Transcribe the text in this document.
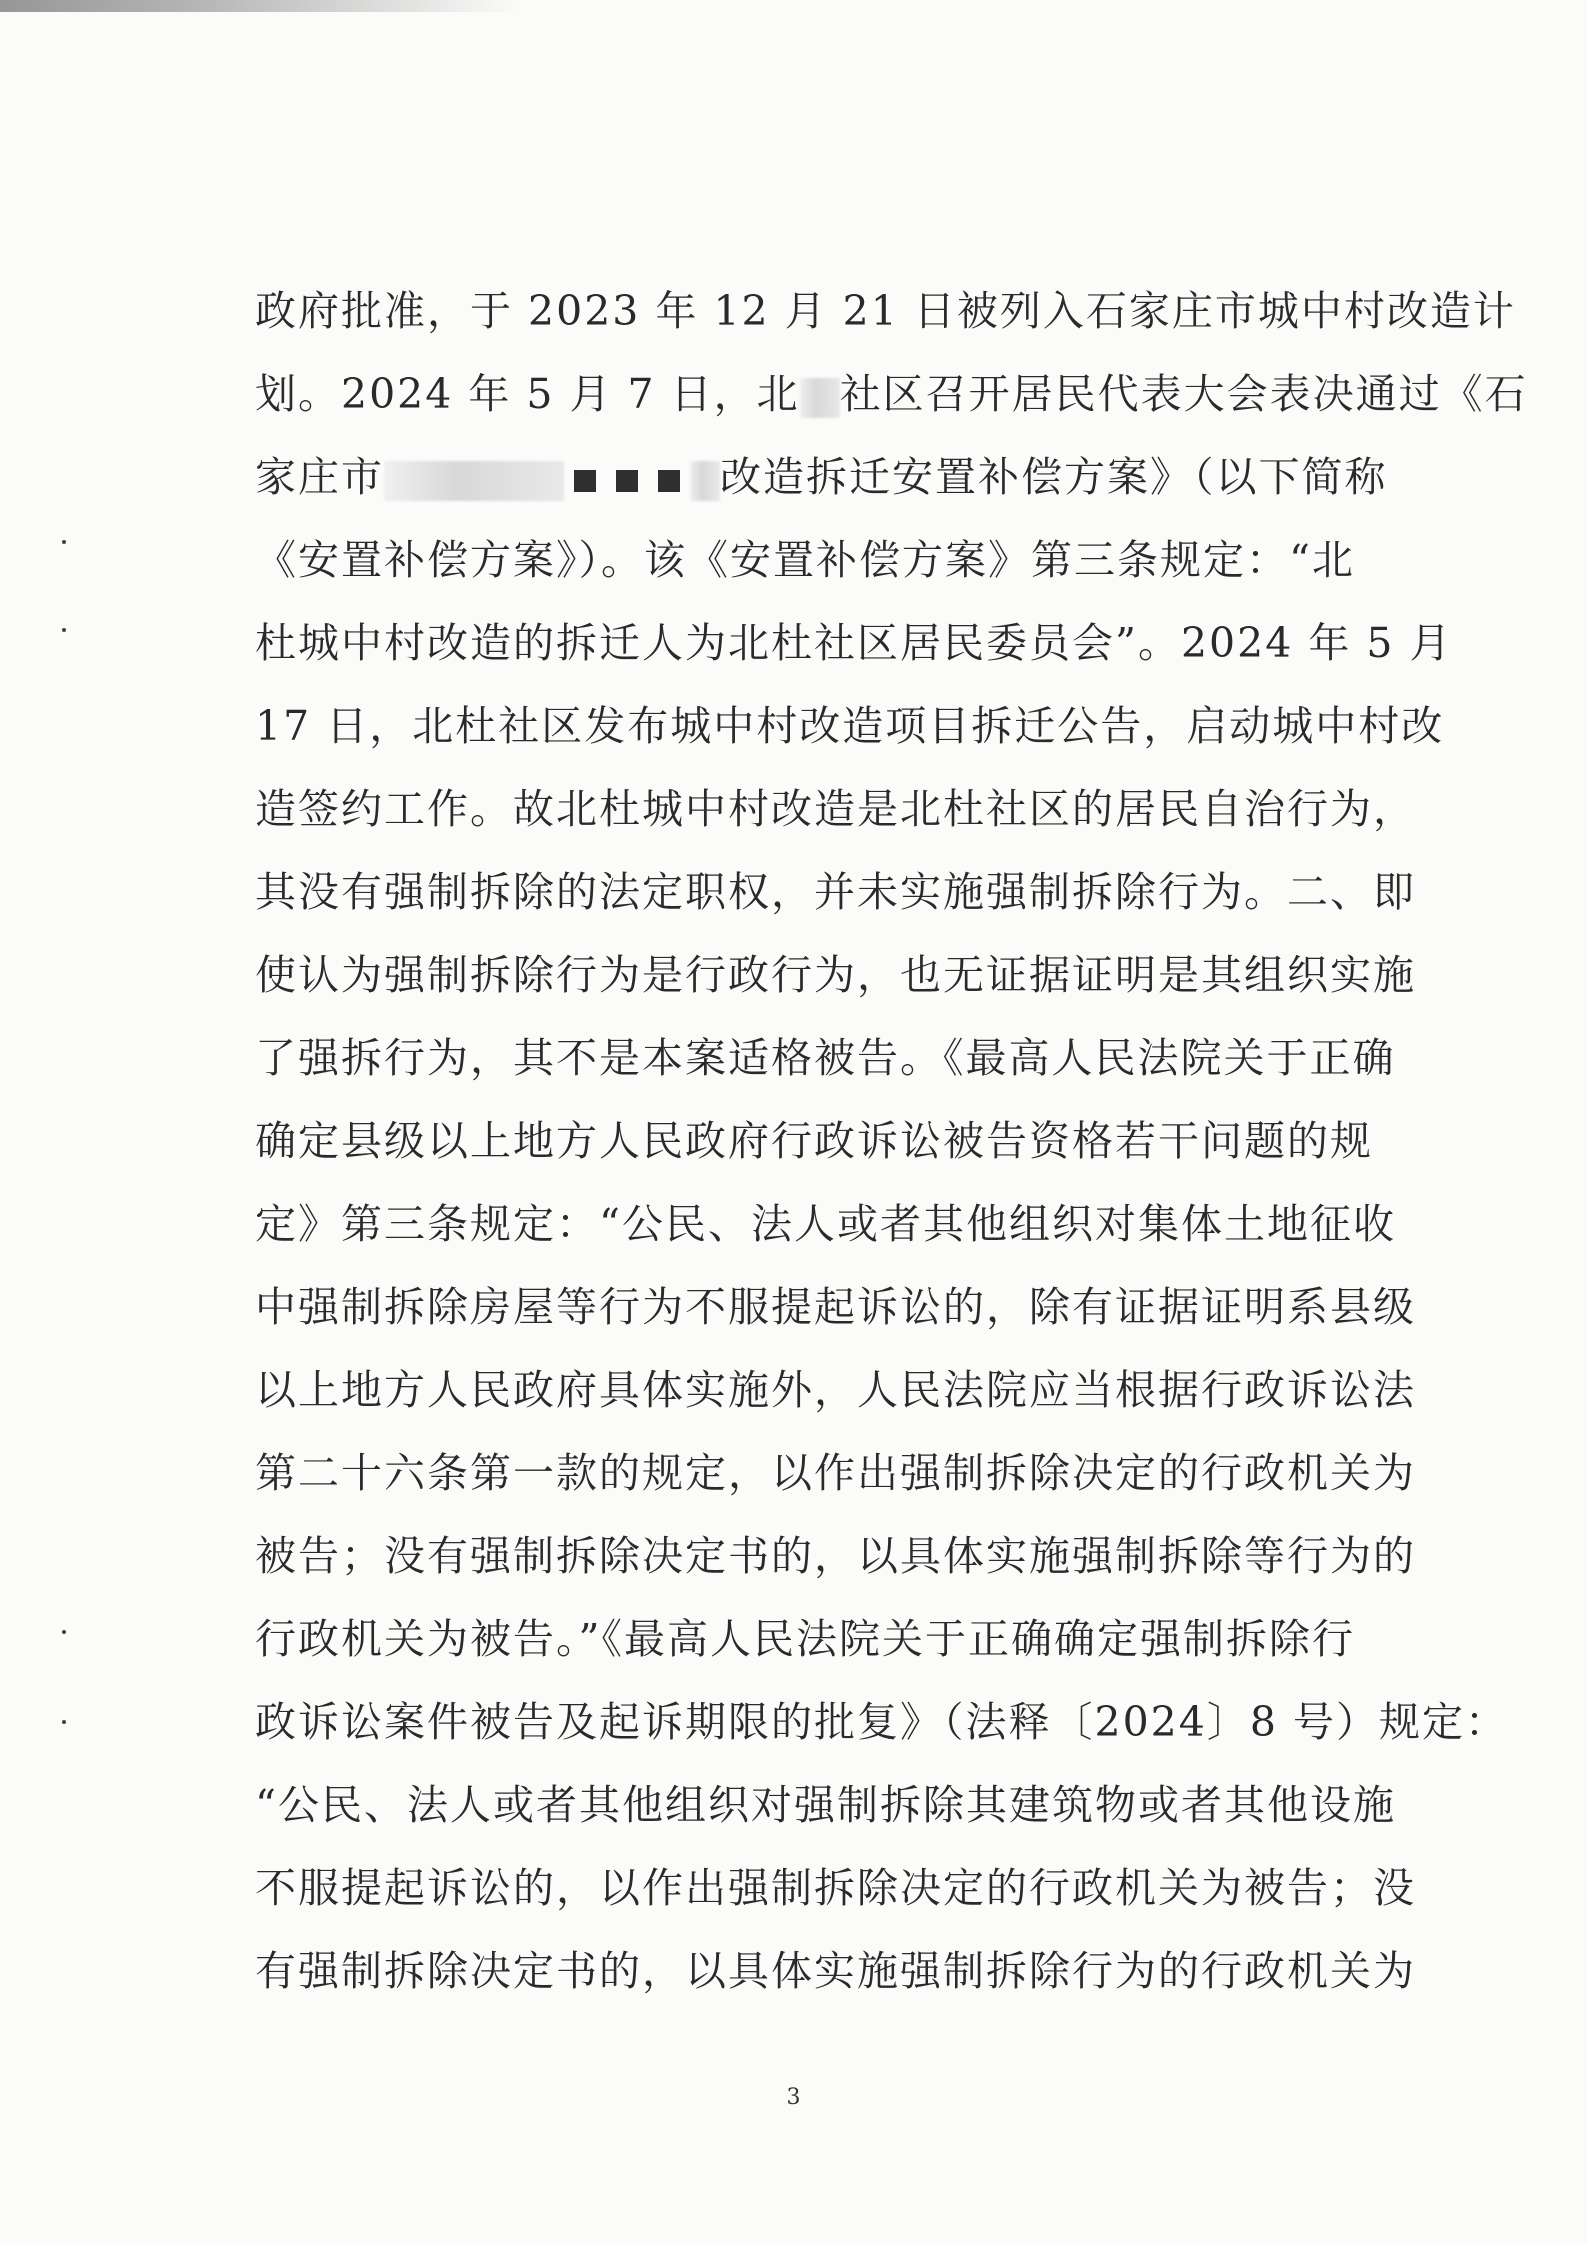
政府批准，于 2023 年 12 月 21 日被列入石家庄市城中村改造计
划。2024 年 5 月 7 日，北 社区召开居民代表大会表决通过《石
家庄市	改造拆迁安置补偿方案》（以下简称
《安置补偿方案》）。该《安置补偿方案》第三条规定：“北
杜城中村改造的拆迁人为北杜社区居民委员会”。2024 年 5 月
17 日，北杜社区发布城中村改造项目拆迁公告，启动城中村改
造签约工作。故北杜城中村改造是北杜社区的居民自治行为，
其没有强制拆除的法定职权，并未实施强制拆除行为。二、即
使认为强制拆除行为是行政行为，也无证据证明是其组织实施
了强拆行为，其不是本案适格被告。《最高人民法院关于正确
确定县级以上地方人民政府行政诉讼被告资格若干问题的规
定》第三条规定：“公民、法人或者其他组织对集体土地征收
中强制拆除房屋等行为不服提起诉讼的，除有证据证明系县级
以上地方人民政府具体实施外，人民法院应当根据行政诉讼法
第二十六条第一款的规定，以作出强制拆除决定的行政机关为
被告；没有强制拆除决定书的，以具体实施强制拆除等行为的
行政机关为被告。”《最高人民法院关于正确确定强制拆除行
政诉讼案件被告及起诉期限的批复》（法释〔2024〕8 号）规定：
“公民、法人或者其他组织对强制拆除其建筑物或者其他设施
不服提起诉讼的，以作出强制拆除决定的行政机关为被告；没
有强制拆除决定书的，以具体实施强制拆除行为的行政机关为
3
